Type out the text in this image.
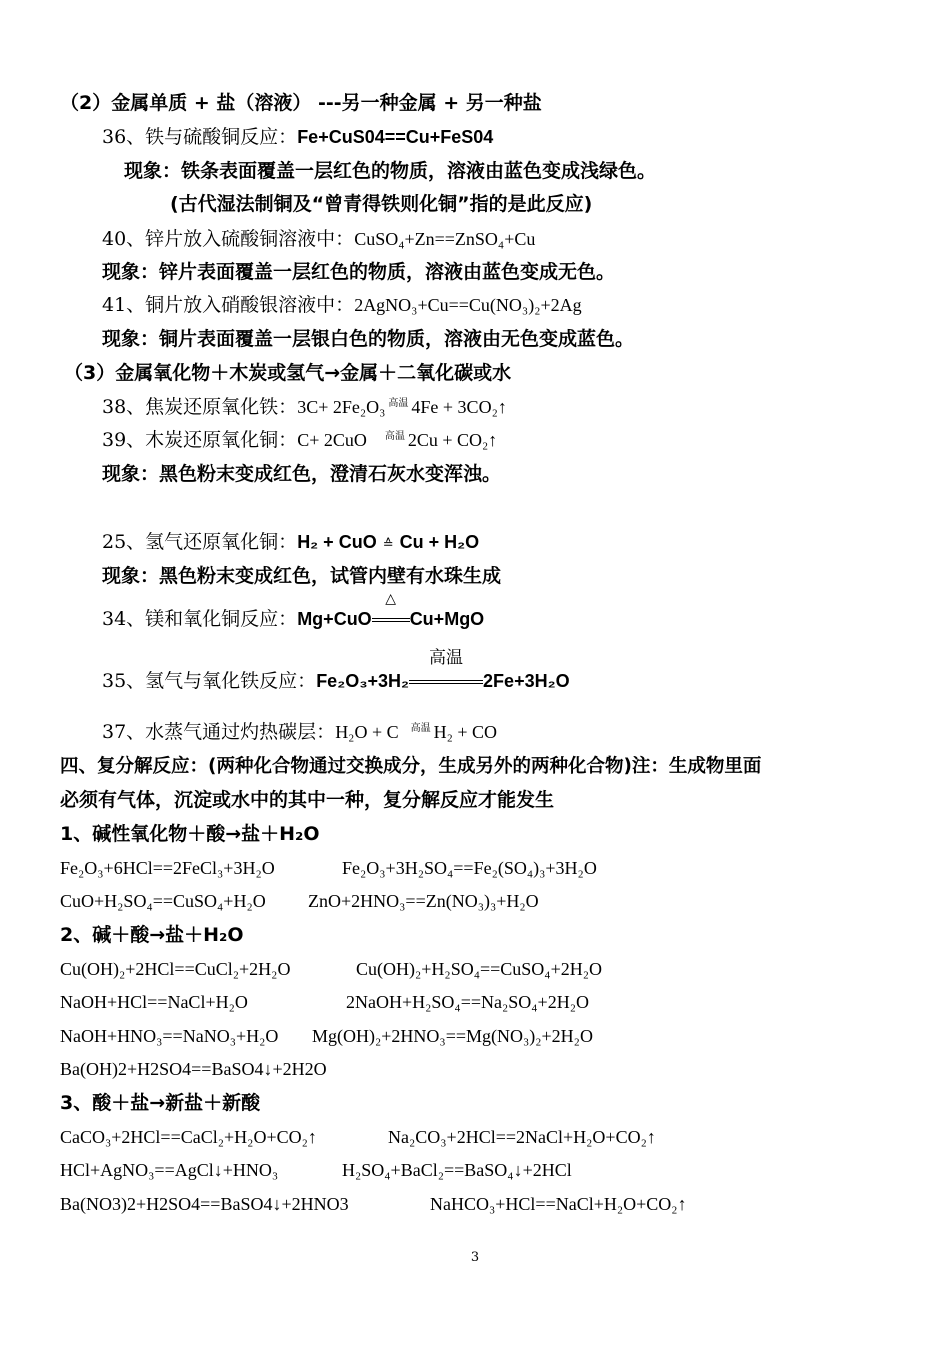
（2）金属单质 + 盐（溶液） ---另一种金属 + 另一种盐
36、铁与硫酸铜反应：Fe+CuS04==Cu+FeS04
现象：铁条表面覆盖一层红色的物质，溶液由蓝色变成浅绿色。
(古代湿法制铜及“曾青得铁则化铜”指的是此反应)
40、锌片放入硫酸铜溶液中：CuSO₄+Zn==ZnSO₄+Cu
现象：锌片表面覆盖一层红色的物质，溶液由蓝色变成无色。
41、铜片放入硝酸银溶液中：2AgNO₃+Cu==Cu(NO₃)₂+2Ag
现象：铜片表面覆盖一层银白色的物质，溶液由无色变成蓝色。
（3）金属氧化物＋木炭或氢气→金属＋二氧化碳或水
38、焦炭还原氧化铁：3C+ 2Fe₂O₃ $^{高温}$ 4Fe + 3CO₂↑
39、木炭还原氧化铜：C+ 2CuO $^{高温}$ 2Cu + CO₂↑
现象：黑色粉末变成红色，澄清石灰水变浑浊。
25、氢气还原氧化铜：H₂ + CuO ≙ Cu + H₂O
现象：黑色粉末变成红色，试管内壁有水珠生成
34、镁和氧化铜反应：Mg+CuO
△
Cu+MgO
35、氢气与氧化铁反应：Fe₂O₃+3H₂
高温
2Fe+3H₂O
37、水蒸气通过灼热碳层：H₂O + C $^{高温}$ H₂ + CO
四、复分解反应：(两种化合物通过交换成分，生成另外的两种化合物)注：生成物里面
必须有气体，沉淀或水中的其中一种，复分解反应才能发生
1、碱性氧化物＋酸→盐＋H₂O
Fe₂O₃+6HCl==2FeCl₃+3H₂O	Fe₂O₃+3H₂SO₄==Fe₂(SO₄)₃+3H₂O
CuO+H₂SO₄==CuSO₄+H₂O ZnO+2HNO₃==Zn(NO₃)₃+H₂O
2、碱＋酸→盐＋H₂O
Cu(OH)₂+2HCl==CuCl₂+2H₂O	Cu(OH)₂+H₂SO₄==CuSO₄+2H₂O
NaOH+HCl==NaCl+H₂O	2NaOH+H₂SO₄==Na₂SO₄+2H₂O
NaOH+HNO₃==NaNO₃+H₂O Mg(OH)₂+2HNO₃==Mg(NO₃)₂+2H₂O
Ba(OH)2+H2SO4==BaSO4↓+2H2O
3、酸＋盐→新盐＋新酸
CaCO₃+2HCl==CaCl₂+H₂O+CO₂↑	Na₂CO₃+2HCl==2NaCl+H₂O+CO₂↑
HCl+AgNO₃==AgCl↓+HNO₃	H₂SO₄+BaCl₂==BaSO₄↓+2HCl
Ba(NO3)2+H2SO4==BaSO4↓+2HNO3	NaHCO₃+HCl==NaCl+H₂O+CO₂↑
3
